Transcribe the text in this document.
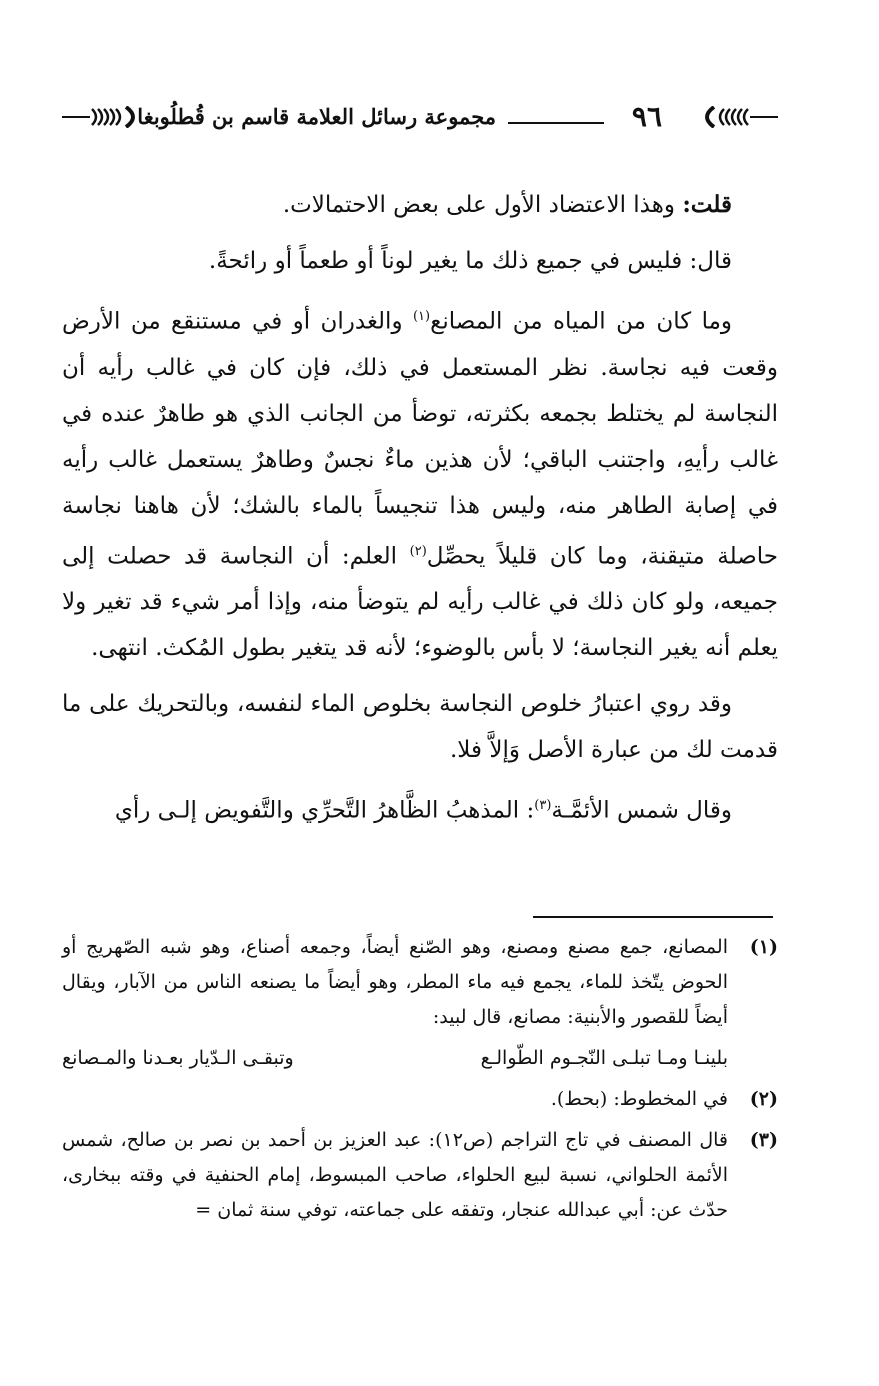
٩٦
مجموعة رسائل العلامة قاسم بن قُطلُوبغا

قلت: وهذا الاعتضاد الأول على بعض الاحتمالات.

قال: فليس في جميع ذلك ما يغير لوناً أو طعماً أو رائحةً.

وما كان من المياه من المصانع$^{(١)}$ والغدران أو في مستنقع من الأرض وقعت فيه نجاسة. نظر المستعمل في ذلك، فإن كان في غالب رأيه أن النجاسة لم يختلط بجمعه بكثرته، توضأ من الجانب الذي هو طاهرٌ عنده في غالب رأيهِ، واجتنب الباقي؛ لأن هذين ماءٌ نجسٌ وطاهرٌ يستعمل غالب رأيه في إصابة الطاهر منه، وليس هذا تنجيساً بالماء بالشك؛ لأن هاهنا نجاسة حاصلة متيقنة، وما كان قليلاً يحصِّل$^{(٢)}$ العلم: أن النجاسة قد حصلت إلى جميعه، ولو كان ذلك في غالب رأيه لم يتوضأ منه، وإذا أمر شيء قد تغير ولا يعلم أنه يغير النجاسة؛ لا بأس بالوضوء؛ لأنه قد يتغير بطول المُكث. انتهى.

وقد روي اعتبارُ خلوص النجاسة بخلوص الماء لنفسه، وبالتحريك على ما قدمت لك من عبارة الأصل وَإلاَّ فلا.

وقال شمس الأئمَّـة$^{(٣)}$: المذهبُ الظَّاهرُ التَّحرِّي والتَّفويض إلـى رأي

(١)
المصانع، جمع مصنع ومصنع، وهو الصّنع أيضاً، وجمعه أصناع، وهو شبه الصّهريج أو الحوض يتّخذ للماء، يجمع فيه ماء المطر، وهو أيضاً ما يصنعه الناس من الآبار، ويقال أيضاً للقصور والأبنية: مصانع، قال لبيد:
بلينـا ومـا تبلـى النّجـوم الطّوالـع
وتبقـى الـدّيار بعـدنا والمـصانع
(٢)
في المخطوط: (بحط).
(٣)
قال المصنف في تاج التراجم (ص١٢): عبد العزيز بن أحمد بن نصر بن صالح، شمس الأئمة الحلواني، نسبة لبيع الحلواء، صاحب المبسوط، إمام الحنفية في وقته ببخارى، حدّث عن: أبي عبدالله عنجار، وتفقه على جماعته، توفي سنة ثمان =
